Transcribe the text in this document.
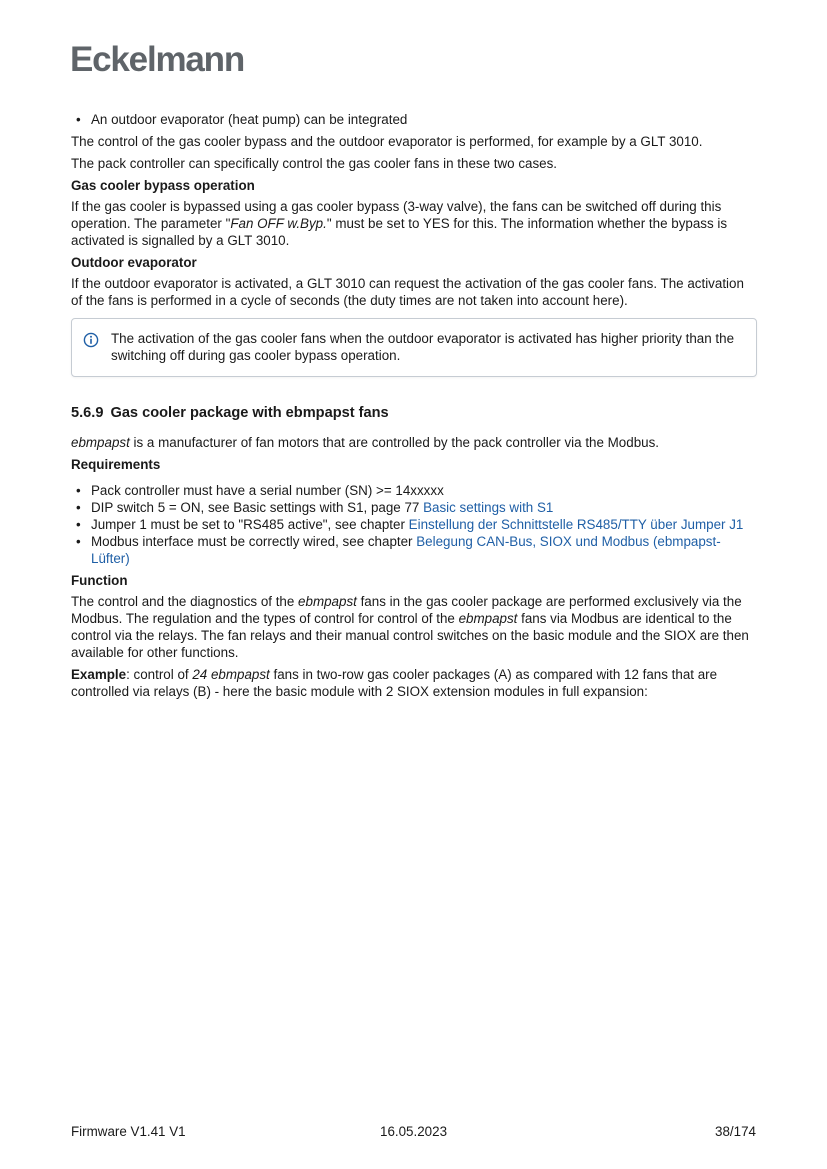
Eckelmann
• An outdoor evaporator (heat pump) can be integrated

The control of the gas cooler bypass and the outdoor evaporator is performed, for example by a GLT 3010.

The pack controller can specifically control the gas cooler fans in these two cases.

Gas cooler bypass operation

If the gas cooler is bypassed using a gas cooler bypass (3-way valve), the fans can be switched off during this operation. The parameter "Fan OFF w.Byp." must be set to YES for this. The information whether the bypass is activated is signalled by a GLT 3010.

Outdoor evaporator

If the outdoor evaporator is activated, a GLT 3010 can request the activation of the gas cooler fans. The activation of the fans is performed in a cycle of seconds (the duty times are not taken into account here).

The activation of the gas cooler fans when the outdoor evaporator is activated has higher priority than the switching off during gas cooler bypass operation.

5.6.9 Gas cooler package with ebmpapst fans

ebmpapst is a manufacturer of fan motors that are controlled by the pack controller via the Modbus.

Requirements

• Pack controller must have a serial number (SN) >= 14xxxxx
• DIP switch 5 = ON, see Basic settings with S1, page 77 Basic settings with S1
• Jumper 1 must be set to "RS485 active", see chapter Einstellung der Schnittstelle RS485/TTY über Jumper J1
• Modbus interface must be correctly wired, see chapter Belegung CAN-Bus, SIOX und Modbus (ebmpapst-Lüfter)

Function

The control and the diagnostics of the ebmpapst fans in the gas cooler package are performed exclusively via the Modbus. The regulation and the types of control for control of the ebmpapst fans via Modbus are identical to the control via the relays. The fan relays and their manual control switches on the basic module and the SIOX are then available for other functions.

Example: control of 24 ebmpapst fans in two-row gas cooler packages (A) as compared with 12 fans that are controlled via relays (B) - here the basic module with 2 SIOX extension modules in full expansion:

Firmware V1.41 V1	16.05.2023	38/174
